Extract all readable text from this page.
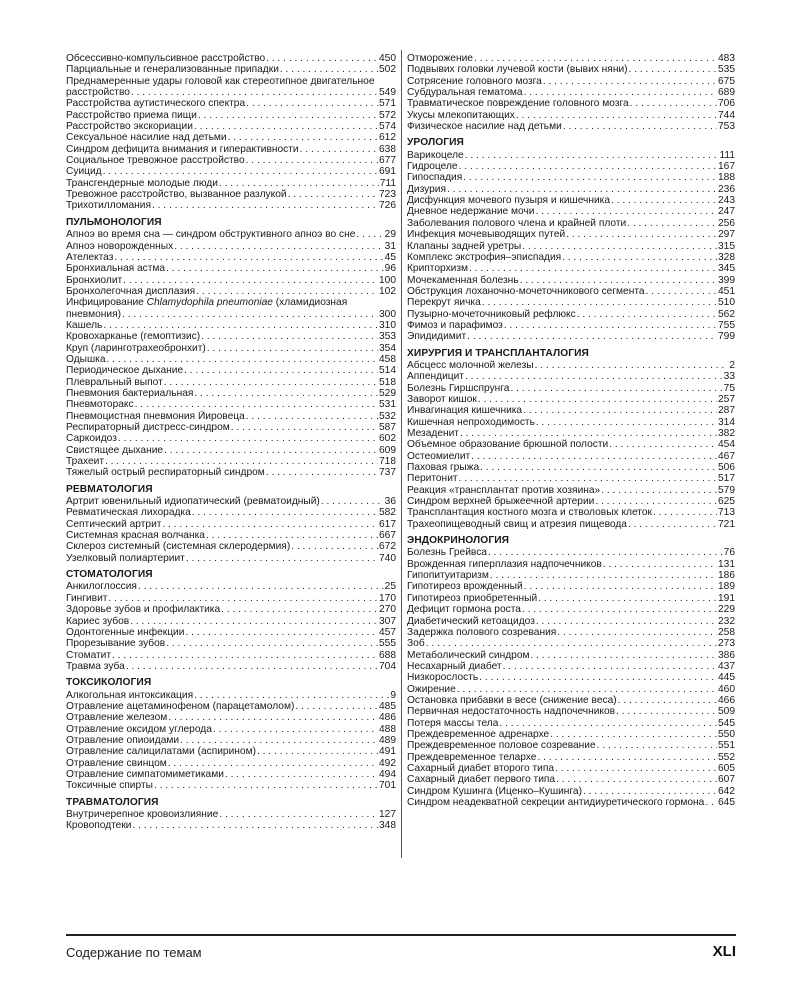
Обсессивно-компульсивное расстройство . . .	450
Парциальные и генерализованные припадки . . .	502
Преднамеренные удары головой как стереотипное двигательное
расстройство . . .	549
Расстройства аутистического спектра . . .	571
Расстройство приема пищи . . .	572
Расстройство экскориации . . .	574
Сексуальное насилие над детьми . . .	612
Синдром дефицита внимания и гиперактивности . . .	638
Социальное тревожное расстройство . . .	677
Суицид . . .	691
Трансгендерные молодые люди . . .	711
Тревожное расстройство, вызванное разлукой . . .	723
Трихотилломания . . .	726
ПУЛЬМОНОЛОГИЯ
Апноэ во время сна — синдром обструктивного апноэ во сне . . .	29
Апноэ новорожденных . . .	31
Ателектаз . . .	45
Бронхиальная астма . . .	96
Бронхиолит . . .	100
Бронхолегочная дисплазия . . .	102
Инфицирование Chlamydophila pneumoniae (хламидиозная
пневмония) . . .	300
Кашель . . .	310
Кровохарканье (гемоптизис) . . .	353
Круп (ларинготрахеобронхит) . . .	354
Одышка . . .	458
Периодическое дыхание . . .	514
Плевральный выпот . . .	518
Пневмония бактериальная . . .	529
Пневмоторакс . . .	531
Пневмоцистная пневмония Йировеца . . .	532
Респираторный дистресс-синдром . . .	587
Саркоидоз . . .	602
Свистящее дыхание . . .	609
Трахеит . . .	718
Тяжелый острый респираторный синдром . . .	737
РЕВМАТОЛОГИЯ
Артрит ювенильный идиопатический (ревматоидный) . . .	36
Ревматическая лихорадка . . .	582
Септический артрит . . .	617
Системная красная волчанка . . .	667
Склероз системный (системная склеродермия) . . .	672
Узелковый полиартериит . . .	740
СТОМАТОЛОГИЯ
Анкилоглоссия . . .	25
Гингивит . . .	170
Здоровье зубов и профилактика . . .	270
Кариес зубов . . .	307
Одонтогенные инфекции . . .	457
Прорезывание зубов . . .	555
Стоматит . . .	688
Травма зуба . . .	704
ТОКСИКОЛОГИЯ
Алкогольная интоксикация . . .	9
Отравление ацетаминофеном (парацетамолом) . . .	485
Отравление железом . . .	486
Отравление оксидом углерода . . .	488
Отравление опиоидами . . .	489
Отравление салицилатами (аспирином) . . .	491
Отравление свинцом . . .	492
Отравление симпатомиметиками . . .	494
Токсичные спирты . . .	701
ТРАВМАТОЛОГИЯ
Внутричерепное кровоизлияние . . .	127
Кровоподтеки . . .	348
Отморожение . . .	483
Подвывих головки лучевой кости (вывих няни) . . .	535
Сотрясение головного мозга . . .	675
Субдуральная гематома . . .	689
Травматическое повреждение головного мозга . . .	706
Укусы млекопитающих . . .	744
Физическое насилие над детьми . . .	753
УРОЛОГИЯ
Варикоцеле . . .	111
Гидроцеле . . .	167
Гипоспадия . . .	188
Дизурия . . .	236
Дисфункция мочевого пузыря и кишечника . . .	243
Дневное недержание мочи . . .	247
Заболевания полового члена и крайней плоти . . .	256
Инфекция мочевыводящих путей . . .	297
Клапаны задней уретры . . .	315
Комплекс экстрофия–эписпадия . . .	328
Крипторхизм . . .	345
Мочекаменная болезнь . . .	399
Обструкция лоханочно-мочеточникового сегмента . . .	451
Перекрут яичка . . .	510
Пузырно-мочеточниковый рефлюкс . . .	562
Фимоз и парафимоз . . .	755
Эпидидимит . . .	799
ХИРУРГИЯ И ТРАНСПЛАНТАЛОГИЯ
Абсцесс молочной железы . . .	2
Аппендицит . . .	33
Болезнь Гиршспрунга . . .	75
Заворот кишок . . .	257
Инвагинация кишечника . . .	287
Кишечная непроходимость . . .	314
Мезаденит . . .	382
Объемное образование брюшной полости . . .	454
Остеомиелит . . .	467
Паховая грыжа . . .	506
Перитонит . . .	517
Реакция «трансплантат против хозяина» . . .	579
Синдром верхней брыжеечной артерии . . .	625
Трансплантация костного мозга и стволовых клеток . . .	713
Трахеопищеводный свищ и атрезия пищевода . . .	721
ЭНДОКРИНОЛОГИЯ
Болезнь Грейвса . . .	76
Врожденная гиперплазия надпочечников . . .	131
Гипопитуитаризм . . .	186
Гипотиреоз врожденный . . .	189
Гипотиреоз приобретенный . . .	191
Дефицит гормона роста . . .	229
Диабетический кетоацидоз . . .	232
Задержка полового созревания . . .	258
Зоб . . .	273
Метаболический синдром . . .	386
Несахарный диабет . . .	437
Низкорослость . . .	445
Ожирение . . .	460
Остановка прибавки в весе (снижение веса) . . .	466
Первичная недостаточность надпочечников . . .	509
Потеря массы тела . . .	545
Преждевременное адренархе . . .	550
Преждевременное половое созревание . . .	551
Преждевременное телархе . . .	552
Сахарный диабет второго типа . . .	605
Сахарный диабет первого типа . . .	607
Синдром Кушинга (Иценко–Кушинга) . . .	642
Синдром неадекватной секреции антидиуретического гормона . . . 645
Содержание по темам	XLI
